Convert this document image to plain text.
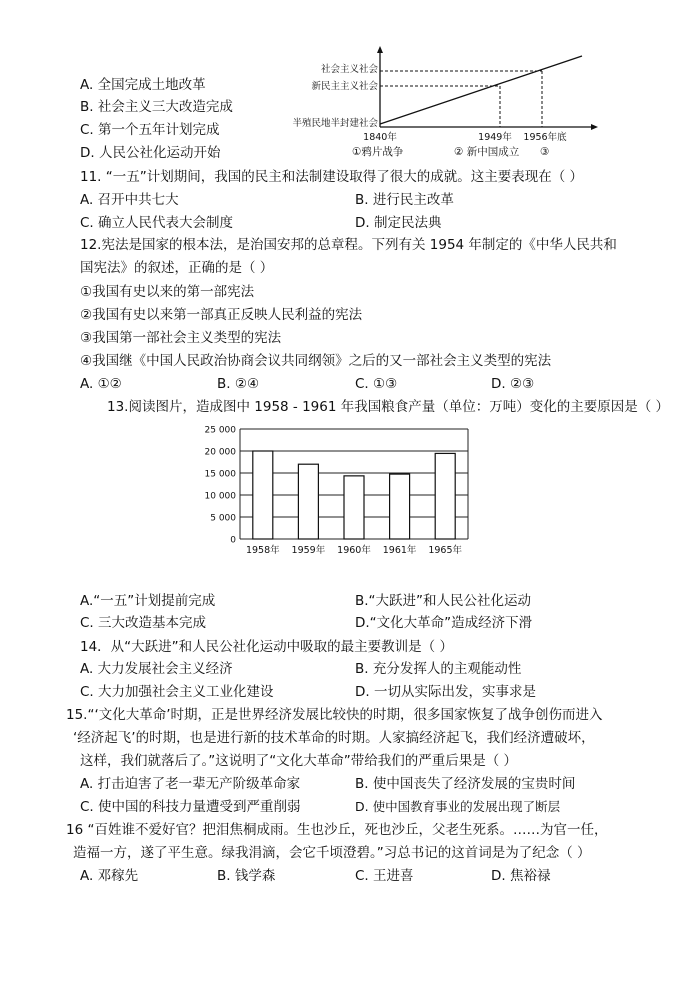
A. 全国完成土地改革
B. 社会主义三大改造完成
C. 第一个五年计划完成
D. 人民公社化运动开始
社会主义社会
新民主主义社会
半殖民地半封建社会
1840年	1949年 1956年底
①鸦片战争	② 新中国成立 ③
11. “一五”计划期间，我国的民主和法制建设取得了很大的成就。这主要表现在（ ）
A. 召开中共七大	B. 进行民主改革
C. 确立人民代表大会制度	D. 制定民法典
12.宪法是国家的根本法，是治国安邦的总章程。下列有关 1954 年制定的《中华人民共和
国宪法》的叙述，正确的是（ ）
①我国有史以来的第一部宪法
②我国有史以来第一部真正反映人民利益的宪法
③我国第一部社会主义类型的宪法
④我国继《中国人民政治协商会议共同纲领》之后的又一部社会主义类型的宪法
A. ①②	B. ②④	C. ①③	D. ②③
13.阅读图片，造成图中 1958 - 1961 年我国粮食产量（单位：万吨）变化的主要原因是（ ）
0
5 000
10 000
15 000
20 000
25 000
1958年 1959年 1960年 1961年 1965年
A.“一五”计划提前完成	B.“大跃进”和人民公社化运动
C. 三大改造基本完成	D.“文化大革命”造成经济下滑
14．从“大跃进”和人民公社化运动中吸取的最主要教训是（ ）
A. 大力发展社会主义经济	B. 充分发挥人的主观能动性
C. 大力加强社会主义工业化建设	D. 一切从实际出发，实事求是
15.“‘文化大革命’时期，正是世界经济发展比较快的时期，很多国家恢复了战争创伤而进入
‘经济起飞’的时期，也是进行新的技术革命的时期。人家搞经济起飞，我们经济遭破坏，
这样，我们就落后了。”这说明了“文化大革命”带给我们的严重后果是（ ）
A. 打击迫害了老一辈无产阶级革命家	B. 使中国丧失了经济发展的宝贵时间
C. 使中国的科技力量遭受到严重削弱	D. 使中国教育事业的发展出现了断层
16 “百姓谁不爱好官？把泪焦桐成雨。生也沙丘，死也沙丘，父老生死系。……为官一任，
造福一方，遂了平生意。绿我涓滴，会它千顷澄碧。”习总书记的这首词是为了纪念（ ）
A. 邓稼先	B. 钱学森	C. 王进喜	D. 焦裕禄
